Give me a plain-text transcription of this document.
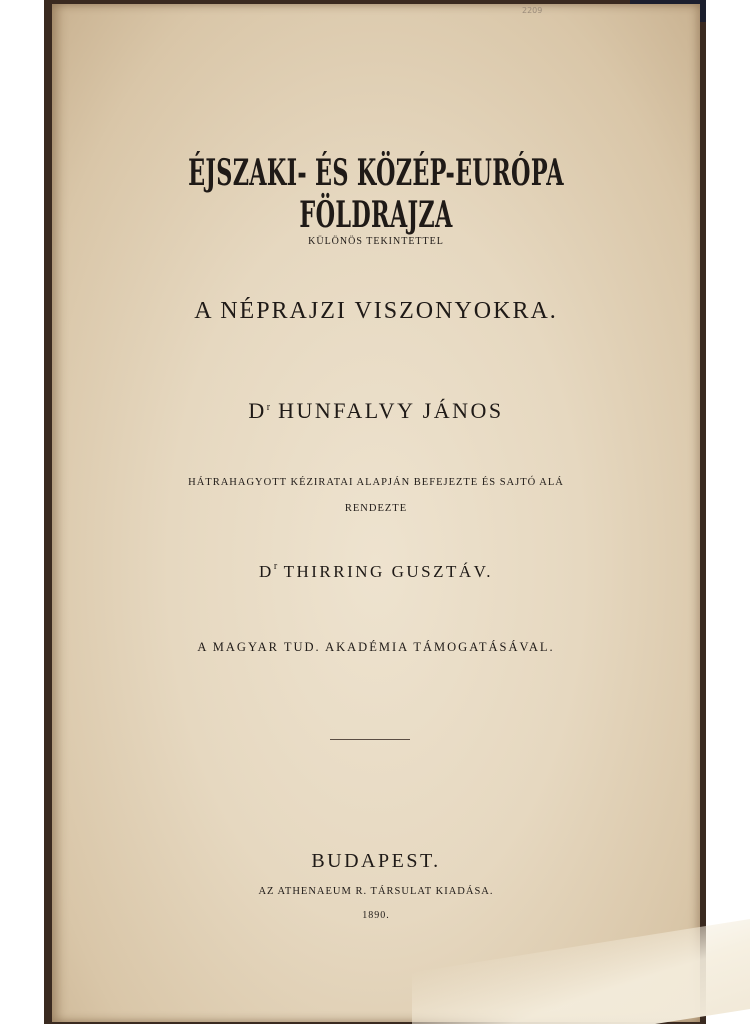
2209
ÉJSZAKI- ÉS KÖZÉP-EURÓPA FÖLDRAJZA
KÜLÖNÖS TEKINTETTEL
A NÉPRAJZI VISZONYOKRA.
$D^r$ HUNFALVY JÁNOS
HÁTRAHAGYOTT KÉZIRATAI ALAPJÁN BEFEJEZTE ÉS SAJTÓ ALÁ
RENDEZTE
$D^r$ THIRRING GUSZTÁV.
A MAGYAR TUD. AKADÉMIA TÁMOGATÁSÁVAL.
BUDAPEST.
AZ ATHENAEUM R. TÁRSULAT KIADÁSA.
1890.
